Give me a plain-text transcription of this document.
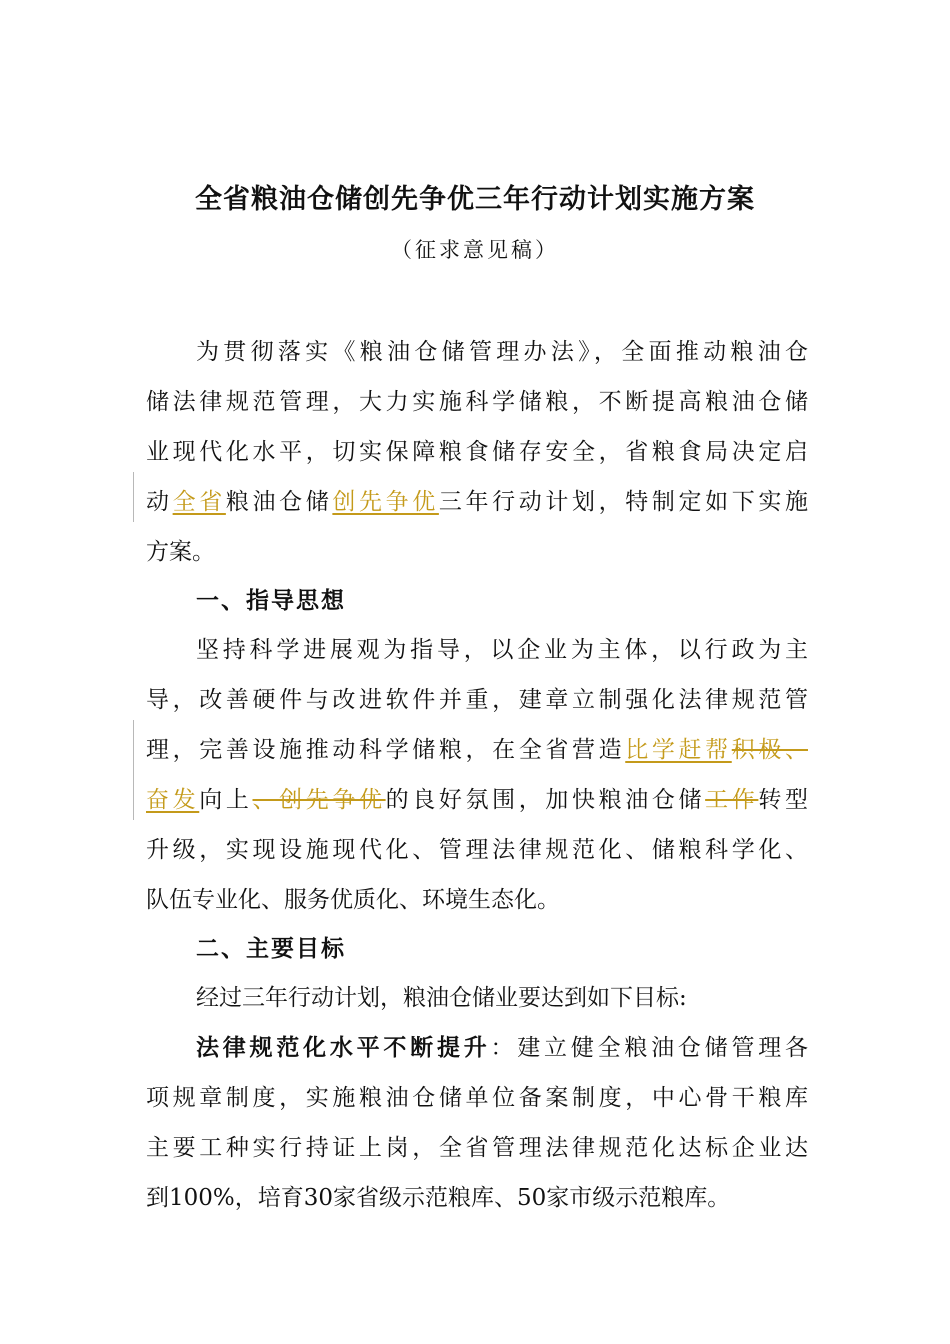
全省粮油仓储创先争优三年行动计划实施方案
（征求意见稿）
为贯彻落实《粮油仓储管理办法》，全面推动粮油仓
储法律规范管理，大力实施科学储粮，不断提高粮油仓储
业现代化水平，切实保障粮食储存安全，省粮食局决定启
动全省粮油仓储创先争优三年行动计划，特制定如下实施
方案。
一、指导思想
坚持科学进展观为指导，以企业为主体，以行政为主
导，改善硬件与改进软件并重，建章立制强化法律规范管
理，完善设施推动科学储粮，在全省营造比学赶帮积极、
奋发向上、创先争优的良好氛围，加快粮油仓储工作转型
升级，实现设施现代化、管理法律规范化、储粮科学化、
队伍专业化、服务优质化、环境生态化。
二、主要目标
经过三年行动计划，粮油仓储业要达到如下目标:
法律规范化水平不断提升：建立健全粮油仓储管理各
项规章制度，实施粮油仓储单位备案制度，中心骨干粮库
主要工种实行持证上岗，全省管理法律规范化达标企业达
到100%，培育30家省级示范粮库、50家市级示范粮库。
